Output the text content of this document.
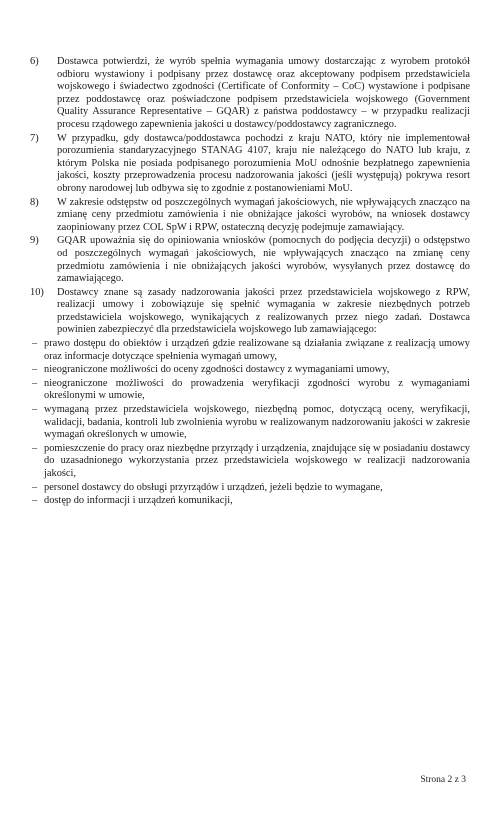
6) Dostawca potwierdzi, że wyrób spełnia wymagania umowy dostarczając z wyrobem protokół odbioru wystawiony i podpisany przez dostawcę oraz akceptowany podpisem przedstawiciela wojskowego i świadectwo zgodności (Certificate of Conformity – CoC) wystawione i podpisane przez poddostawcę oraz poświadczone podpisem przedstawiciela wojskowego (Government Quality Assurance Representative – GQAR) z państwa poddostawcy – w przypadku realizacji procesu rządowego zapewnienia jakości u dostawcy/poddostawcy zagranicznego.
7) W przypadku, gdy dostawca/poddostawca pochodzi z kraju NATO, który nie implementował porozumienia standaryzacyjnego STANAG 4107, kraju nie należącego do NATO lub kraju, z którym Polska nie posiada podpisanego porozumienia MoU odnośnie bezpłatnego zapewnienia jakości, koszty przeprowadzenia procesu nadzorowania jakości (jeśli występują) pokrywa resort obrony narodowej lub odbywa się to zgodnie z postanowieniami MoU.
8) W zakresie odstępstw od poszczególnych wymagań jakościowych, nie wpływających znacząco na zmianę ceny przedmiotu zamówienia i nie obniżające jakości wyrobów, na wniosek dostawcy zaopiniowany przez COL SpW i RPW, ostateczną decyzję podejmuje zamawiający.
9) GQAR upoważnia się do opiniowania wniosków (pomocnych do podjęcia decyzji) o odstępstwo od poszczególnych wymagań jakościowych, nie wpływających znacząco na zmianę ceny przedmiotu zamówienia i nie obniżających jakości wyrobów, wysyłanych przez dostawcę do zamawiającego.
10) Dostawcy znane są zasady nadzorowania jakości przez przedstawiciela wojskowego z RPW, realizacji umowy i zobowiązuje się spełnić wymagania w zakresie niezbędnych potrzeb przedstawiciela wojskowego, wynikających z realizowanych przez niego zadań. Dostawca powinien zabezpieczyć dla przedstawiciela wojskowego lub zamawiającego:
– prawo dostępu do obiektów i urządzeń gdzie realizowane są działania związane z realizacją umowy oraz informacje dotyczące spełnienia wymagań umowy,
– nieograniczone możliwości do oceny zgodności dostawcy z wymaganiami umowy,
– nieograniczone możliwości do prowadzenia weryfikacji zgodności wyrobu z wymaganiami określonymi w umowie,
– wymaganą przez przedstawiciela wojskowego, niezbędną pomoc, dotyczącą oceny, weryfikacji, walidacji, badania, kontroli lub zwolnienia wyrobu w realizowanym nadzorowaniu jakości w zakresie wymagań określonych w umowie,
– pomieszczenie do pracy oraz niezbędne przyrządy i urządzenia, znajdujące się w posiadaniu dostawcy do uzasadnionego wykorzystania przez przedstawiciela wojskowego w realizacji nadzorowania jakości,
– personel dostawcy do obsługi przyrządów i urządzeń, jeżeli będzie to wymagane,
– dostęp do informacji i urządzeń komunikacji,
Strona 2 z 3
